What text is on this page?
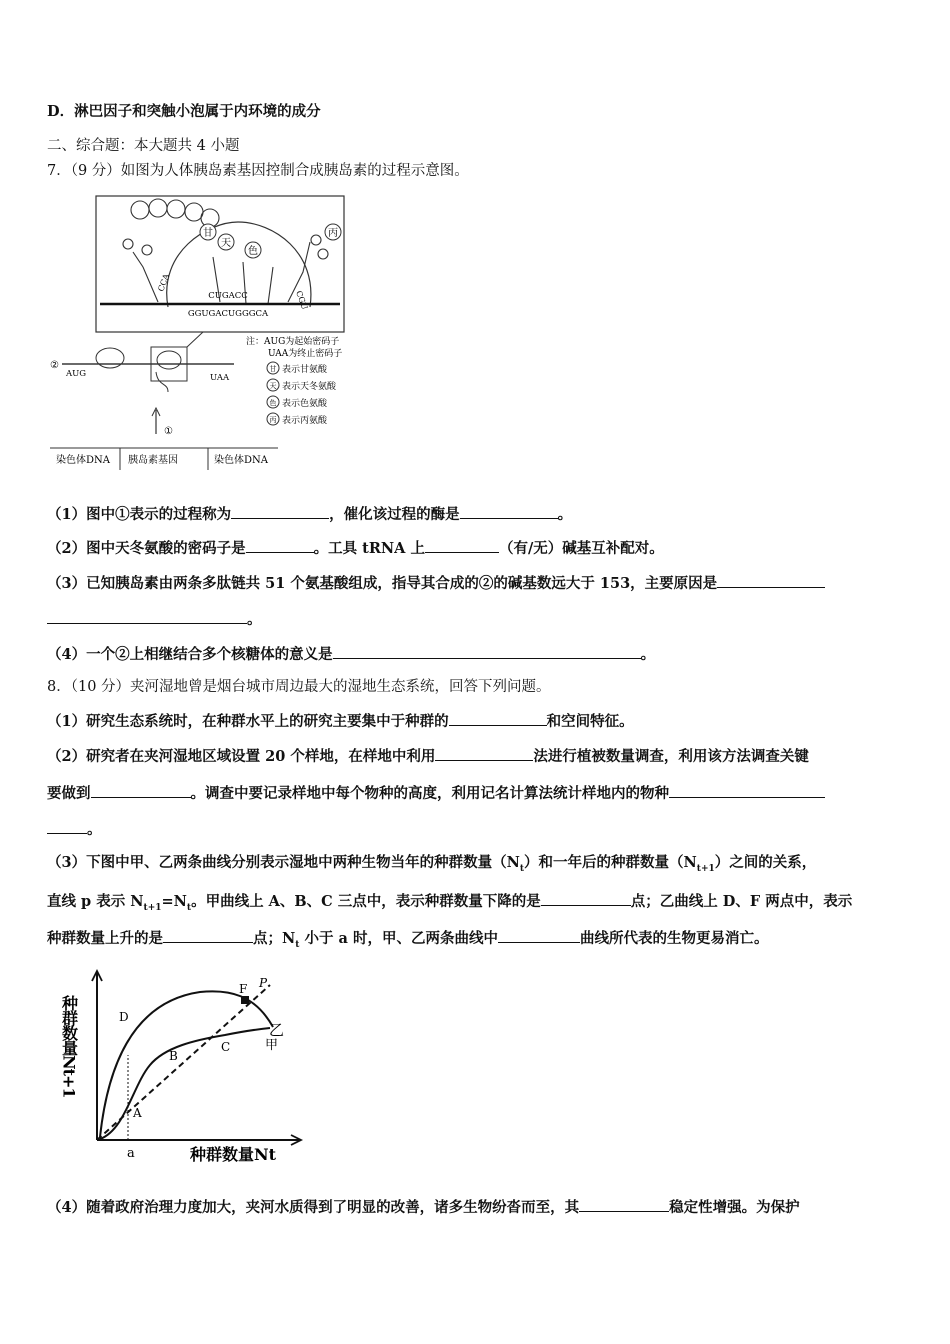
D．淋巴因子和突触小泡属于内环境的成分
二、综合题：本大题共 4 小题
7．（9 分）如图为人体胰岛素基因控制合成胰岛素的过程示意图。
甘
天
色
丙
CCA
CGU
CUGACC
GGUGACUGGGCA
②
AUG	UAA
①
染色体DNA 胰岛素基因	染色体DNA
注：AUG为起始密码子
UAA为终止密码子
甘 表示甘氨酸
天 表示天冬氨酸
色 表示色氨酸
丙 表示丙氨酸
（1）图中①表示的过程称为	，催化该过程的酶是	。
（2）图中天冬氨酸的密码子是	。工具 tRNA 上	（有/无）碱基互补配对。
（3）已知胰岛素由两条多肽链共 51 个氨基酸组成，指导其合成的②的碱基数远大于 153，主要原因是
。
（4）一个②上相继结合多个核糖体的意义是	。
8．（10 分）夹河湿地曾是烟台城市周边最大的湿地生态系统，回答下列问题。
（1）研究生态系统时，在种群水平上的研究主要集中于种群的	和空间特征。
（2）研究者在夹河湿地区域设置 20 个样地，在样地中利用	法进行植被数量调查，利用该方法调查关键
要做到	。调查中要记录样地中每个物种的高度，利用记名计算法统计样地内的物种
。
（3）下图中甲、乙两条曲线分别表示湿地中两种生物当年的种群数量$(N_t)$和一年后的种群数量$(N_{t+1})$之间的关系，
直线 p 表示 $N_{t+1}=N_t$。甲曲线上 A、B、C 三点中，表示种群数量下降的是	点；乙曲线上 D、F 两点中，表示
种群数量上升的是	点；$N_t$ 小于 a 时，甲、乙两条曲线中	曲线所代表的生物更易消亡。
种群数量Nt+1
种群数量Nt
a
D
F P
乙
甲
C
B
A
（4）随着政府治理力度加大，夹河水质得到了明显的改善，诸多生物纷沓而至，其	稳定性增强。为保护
